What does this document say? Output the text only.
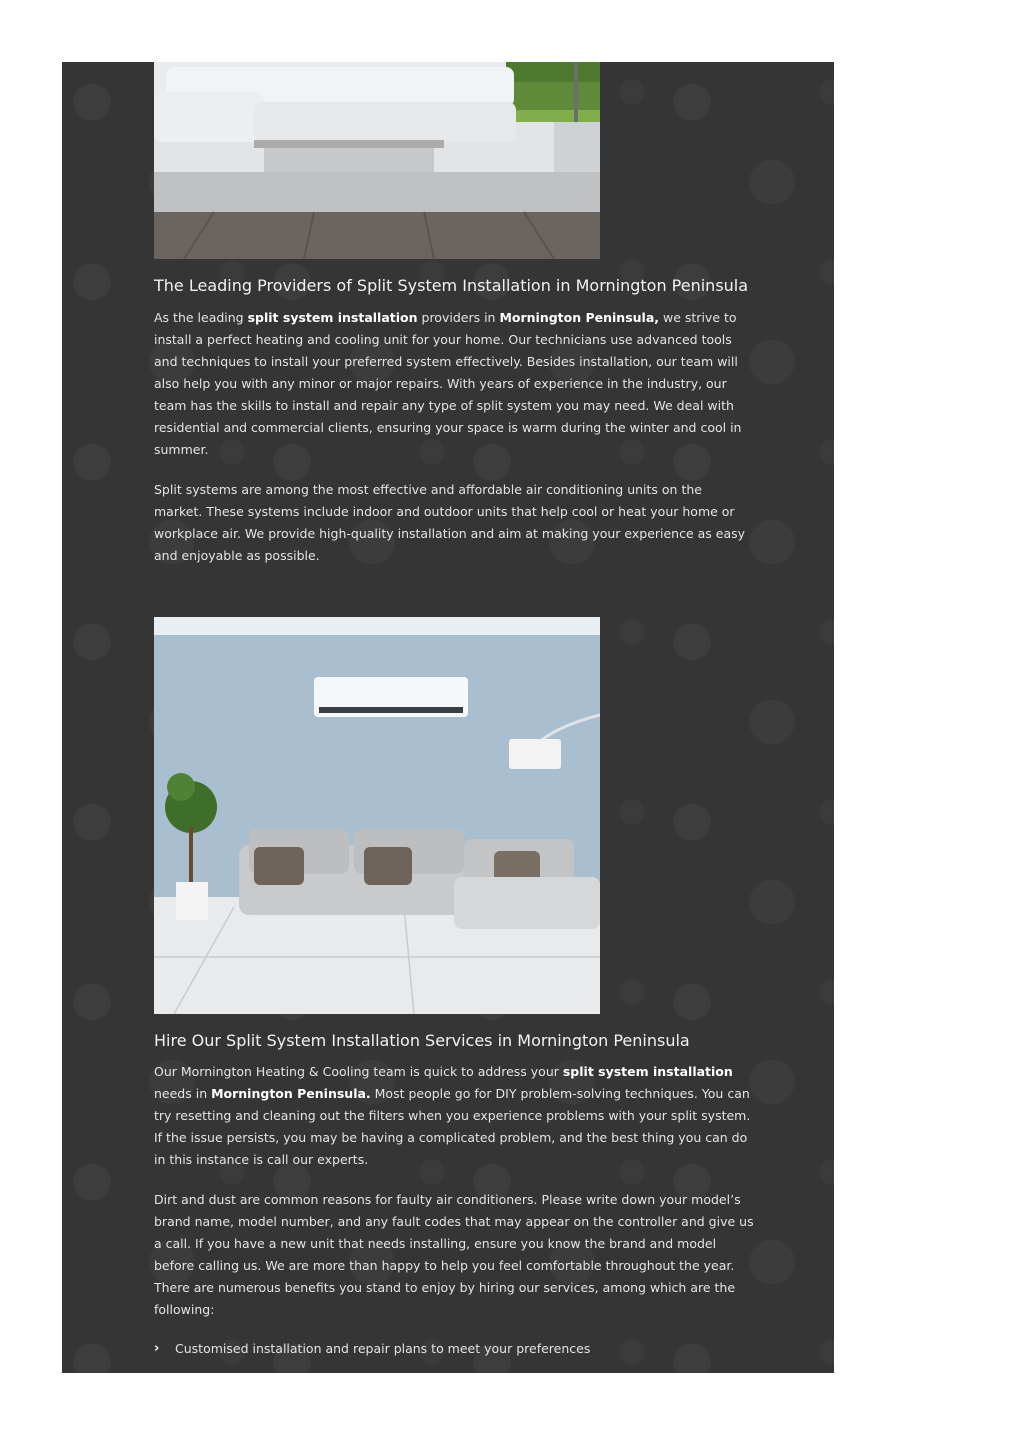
The Leading Providers of Split System Installation in Mornington Peninsula

As the leading split system installation providers in Mornington Peninsula, we strive to install a perfect heating and cooling unit for your home. Our technicians use advanced tools and techniques to install your preferred system effectively. Besides installation, our team will also help you with any minor or major repairs. With years of experience in the industry, our team has the skills to install and repair any type of split system you may need. We deal with residential and commercial clients, ensuring your space is warm during the winter and cool in summer.

Split systems are among the most effective and affordable air conditioning units on the market. These systems include indoor and outdoor units that help cool or heat your home or workplace air. We provide high-quality installation and aim at making your experience as easy and enjoyable as possible.

Hire Our Split System Installation Services in Mornington Peninsula

Our Mornington Heating & Cooling team is quick to address your split system installation needs in Mornington Peninsula. Most people go for DIY problem-solving techniques. You can try resetting and cleaning out the filters when you experience problems with your split system. If the issue persists, you may be having a complicated problem, and the best thing you can do in this instance is call our experts.

Dirt and dust are common reasons for faulty air conditioners. Please write down your model’s brand name, model number, and any fault codes that may appear on the controller and give us a call. If you have a new unit that needs installing, ensure you know the brand and model before calling us. We are more than happy to help you feel comfortable throughout the year. There are numerous benefits you stand to enjoy by hiring our services, among which are the following:

›	Customised installation and repair plans to meet your preferences
